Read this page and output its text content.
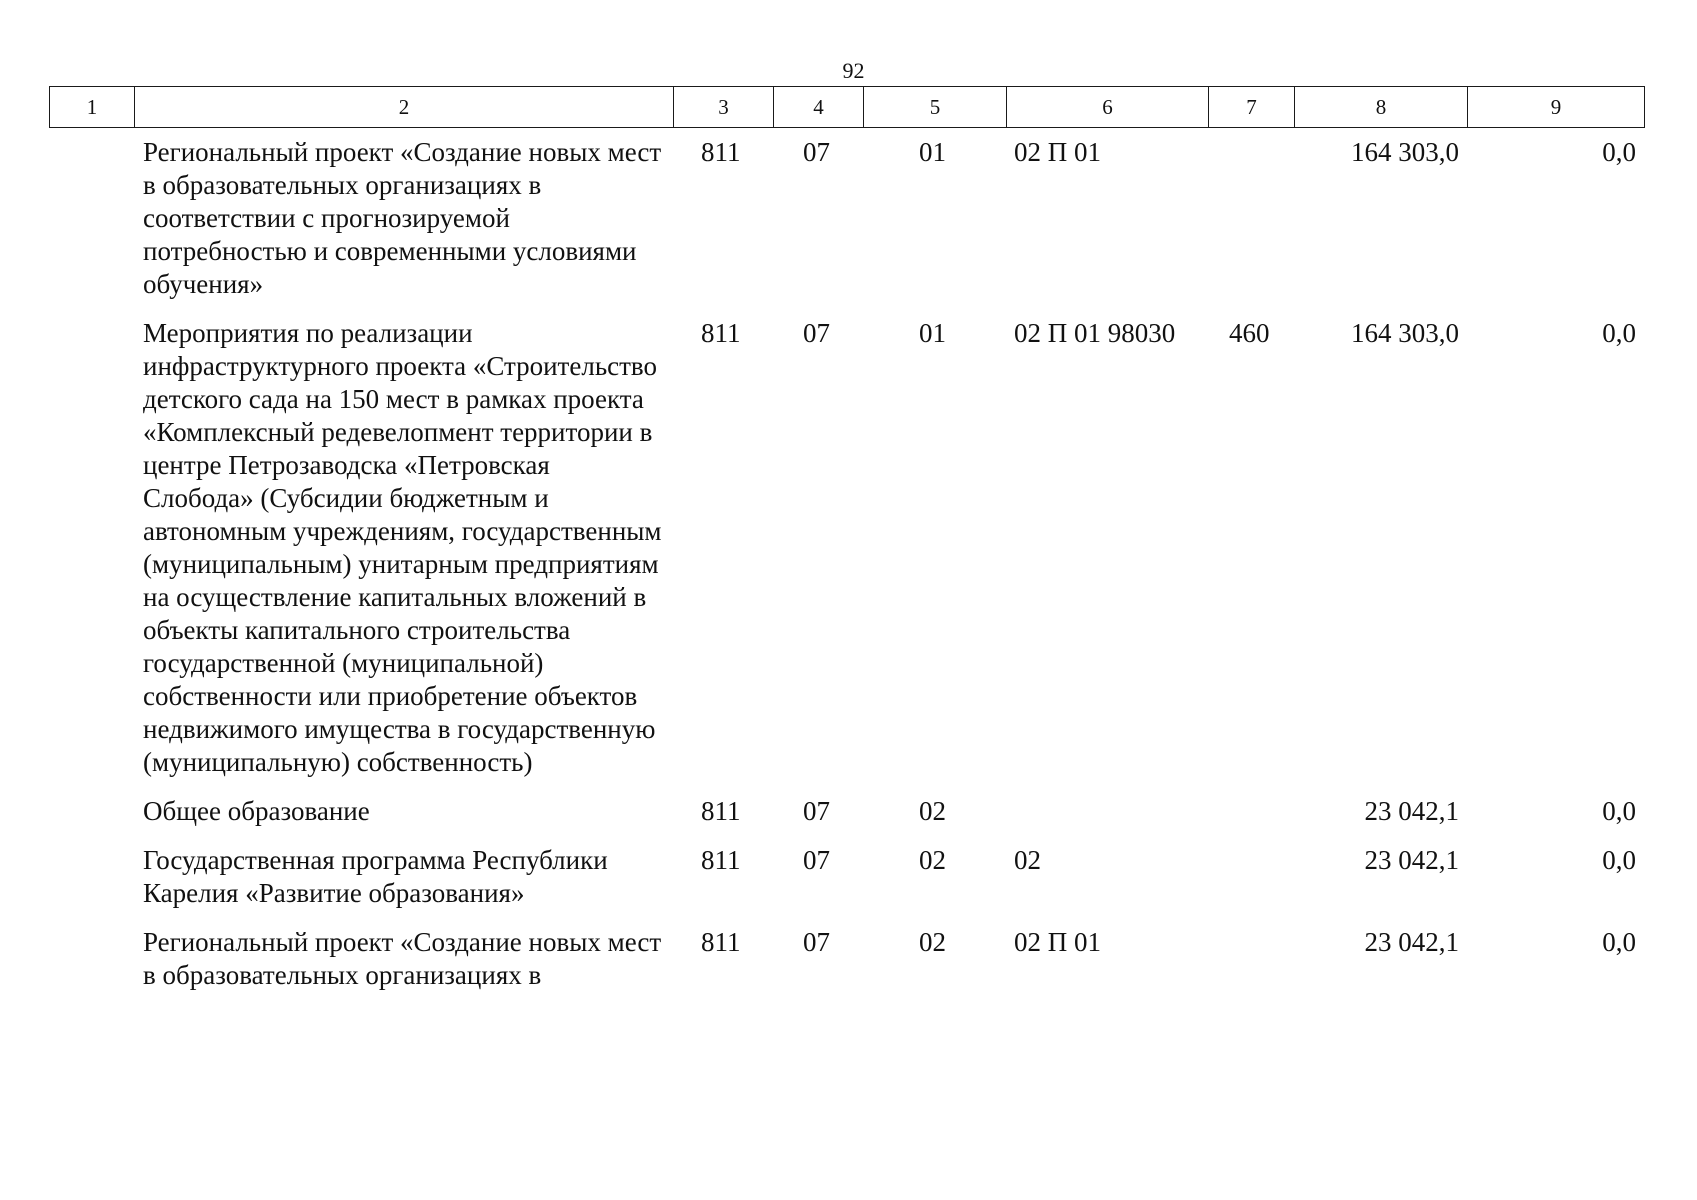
92
1	2	3	4	5	6	7	8	9
	Региональный проект «Создание новых мест в образовательных организациях в соответствии с прогнозируемой потребностью и современными условиями обучения»	811	07	01	02 П 01		164 303,0	0,0
	Мероприятия по реализации инфраструктурного проекта «Строительство детского сада на 150 мест в рамках проекта «Комплексный редевелопмент территории в центре Петрозаводска «Петровская Слобода» (Субсидии бюджетным и автономным учреждениям, государственным (муниципальным) унитарным предприятиям на осуществление капитальных вложений в объекты капитального строительства государственной (муниципальной) собственности или приобретение объектов недвижимого имущества в государственную (муниципальную) собственность)	811	07	01	02 П 01 98030	460	164 303,0	0,0
	Общее образование	811	07	02			23 042,1	0,0
	Государственная программа Республики Карелия «Развитие образования»	811	07	02	02		23 042,1	0,0
	Региональный проект «Создание новых мест в образовательных организациях в	811	07	02	02 П 01		23 042,1	0,0
